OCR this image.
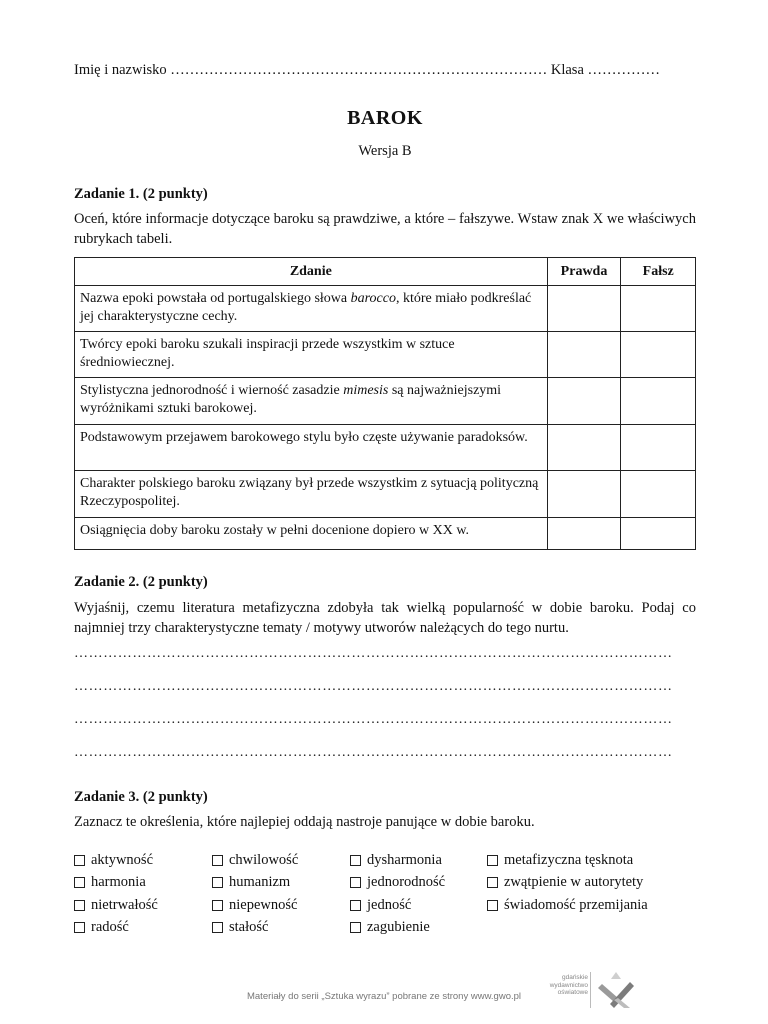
Imię i nazwisko …………………………………………………………………… Klasa ……………
BAROK
Wersja B
Zadanie 1. (2 punkty)
Oceń, które informacje dotyczące baroku są prawdziwe, a które – fałszywe. Wstaw znak X we właściwych rubrykach tabeli.
Zdanie	Prawda	Fałsz
Nazwa epoki powstała od portugalskiego słowa barocco, które miało podkreślać jej charakterystyczne cechy.		
Twórcy epoki baroku szukali inspiracji przede wszystkim w sztuce średniowiecznej.		
Stylistyczna jednorodność i wierność zasadzie mimesis są najważniejszymi wyróżnikami sztuki barokowej.		
Podstawowym przejawem barokowego stylu było częste używanie paradoksów.		
Charakter polskiego baroku związany był przede wszystkim z sytuacją polityczną Rzeczypospolitej.		
Osiągnięcia doby baroku zostały w pełni docenione dopiero w XX w.		
Zadanie 2. (2 punkty)
Wyjaśnij, czemu literatura metafizyczna zdobyła tak wielką popularność w dobie baroku. Podaj co najmniej trzy charakterystyczne tematy / motywy utworów należących do tego nurtu.
……………………………………………………………………………………………………………
……………………………………………………………………………………………………………
……………………………………………………………………………………………………………
……………………………………………………………………………………………………………
Zadanie 3. (2 punkty)
Zaznacz te określenia, które najlepiej oddają nastroje panujące w dobie baroku.
aktywność
harmonia
nietrwałość
radość
chwilowość
humanizm
niepewność
stałość
dysharmonia
jednorodność
jedność
zagubienie
metafizyczna tęsknota
zwątpienie w autorytety
świadomość przemijania
Materiały do serii „Sztuka wyrazu” pobrane ze strony www.gwo.pl
gdańskie
wydawnictwo
oświatowe
